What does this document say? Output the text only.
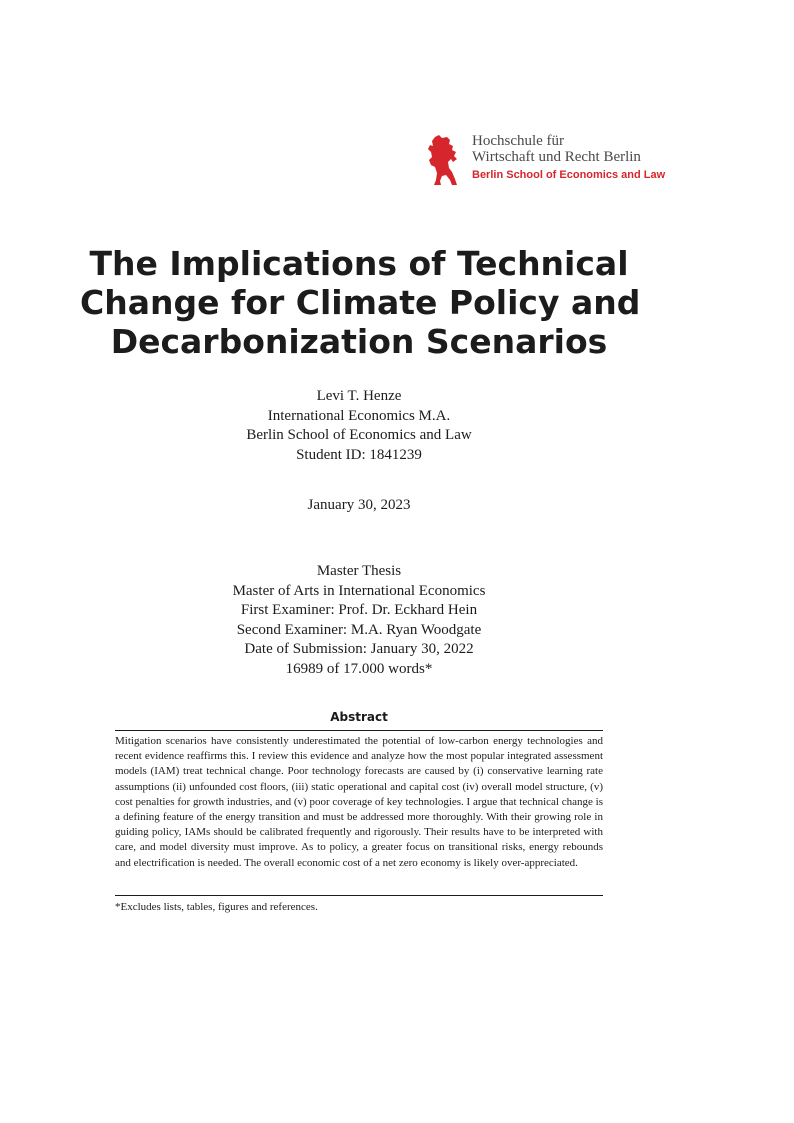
Hochschule für
Wirtschaft und Recht Berlin
Berlin School of Economics and Law
The Implications of Technical
Change for Climate Policy and
Decarbonization Scenarios
Levi T. Henze
International Economics M.A.
Berlin School of Economics and Law
Student ID: 1841239
January 30, 2023
Master Thesis
Master of Arts in International Economics
First Examiner: Prof. Dr. Eckhard Hein
Second Examiner: M.A. Ryan Woodgate
Date of Submission: January 30, 2022
16989 of 17.000 words*
Abstract
Mitigation scenarios have consistently underestimated the potential of low-carbon energy technologies and recent evidence reaffirms this. I review this evidence and analyze how the most popular integrated assessment models (IAM) treat technical change. Poor technology forecasts are caused by (i) conservative learning rate assumptions (ii) unfounded cost floors, (iii) static operational and capital cost (iv) overall model structure, (v) cost penalties for growth industries, and (v) poor coverage of key technologies. I argue that technical change is a defining feature of the energy transition and must be addressed more thoroughly. With their growing role in guiding policy, IAMs should be calibrated frequently and rigorously. Their results have to be interpreted with care, and model diversity must improve. As to policy, a greater focus on transitional risks, energy rebounds and electrification is needed. The overall economic cost of a net zero economy is likely over-appreciated.
*Excludes lists, tables, figures and references.
